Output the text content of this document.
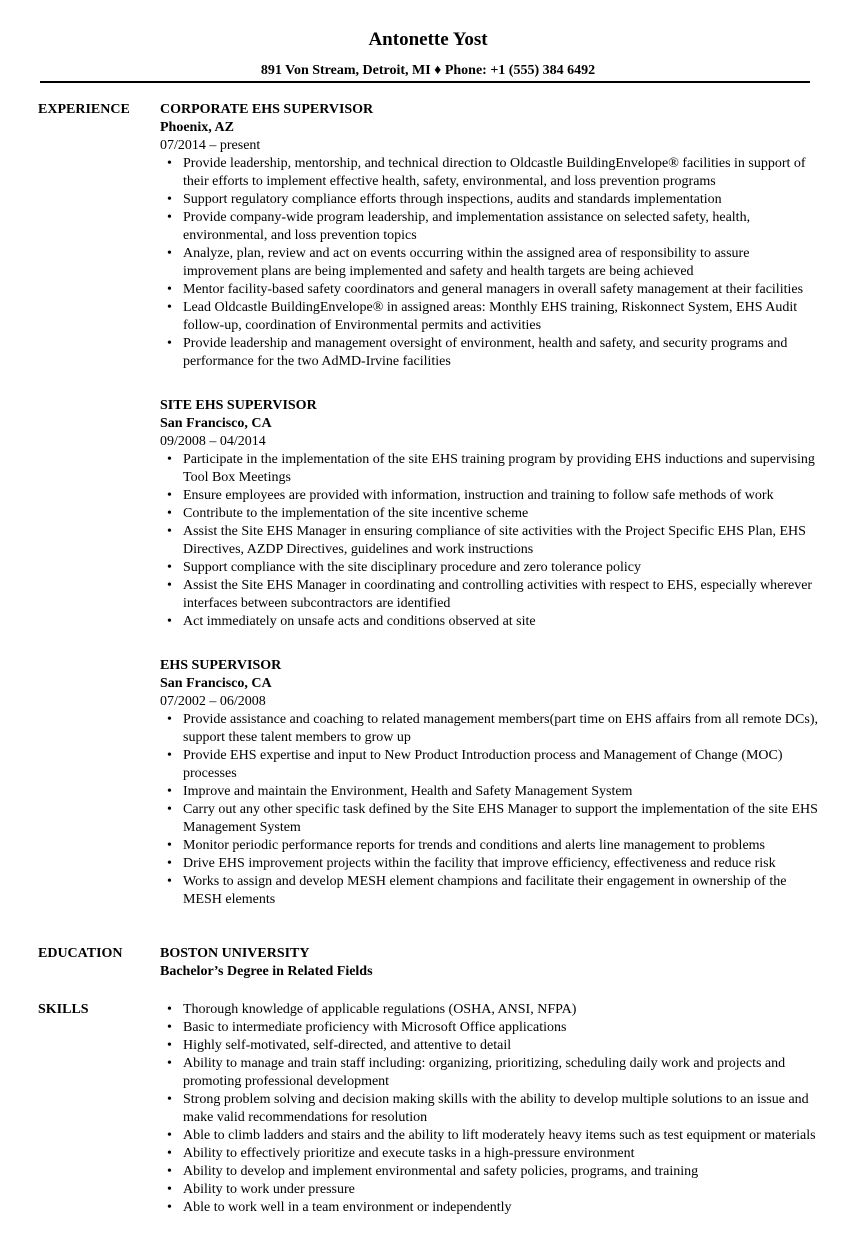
Antonette Yost
891 Von Stream, Detroit, MI ♦ Phone: +1 (555) 384 6492
EXPERIENCE CORPORATE EHS SUPERVISOR
Phoenix, AZ
07/2014 – present
• Provide leadership, mentorship, and technical direction to Oldcastle BuildingEnvelope® facilities in support of their efforts to implement effective health, safety, environmental, and loss prevention programs
• Support regulatory compliance efforts through inspections, audits and standards implementation
• Provide company-wide program leadership, and implementation assistance on selected safety, health, environmental, and loss prevention topics
• Analyze, plan, review and act on events occurring within the assigned area of responsibility to assure improvement plans are being implemented and safety and health targets are being achieved
• Mentor facility-based safety coordinators and general managers in overall safety management at their facilities
• Lead Oldcastle BuildingEnvelope® in assigned areas: Monthly EHS training, Riskonnect System, EHS Audit follow-up, coordination of Environmental permits and activities
• Provide leadership and management oversight of environment, health and safety, and security programs and performance for the two AdMD-Irvine facilities
SITE EHS SUPERVISOR
San Francisco, CA
09/2008 – 04/2014
• Participate in the implementation of the site EHS training program by providing EHS inductions and supervising Tool Box Meetings
• Ensure employees are provided with information, instruction and training to follow safe methods of work
• Contribute to the implementation of the site incentive scheme
• Assist the Site EHS Manager in ensuring compliance of site activities with the Project Specific EHS Plan, EHS Directives, AZDP Directives, guidelines and work instructions
• Support compliance with the site disciplinary procedure and zero tolerance policy
• Assist the Site EHS Manager in coordinating and controlling activities with respect to EHS, especially wherever interfaces between subcontractors are identified
• Act immediately on unsafe acts and conditions observed at site
EHS SUPERVISOR
San Francisco, CA
07/2002 – 06/2008
• Provide assistance and coaching to related management members(part time on EHS affairs from all remote DCs), support these talent members to grow up
• Provide EHS expertise and input to New Product Introduction process and Management of Change (MOC) processes
• Improve and maintain the Environment, Health and Safety Management System
• Carry out any other specific task defined by the Site EHS Manager to support the implementation of the site EHS Management System
• Monitor periodic performance reports for trends and conditions and alerts line management to problems
• Drive EHS improvement projects within the facility that improve efficiency, effectiveness and reduce risk
• Works to assign and develop MESH element champions and facilitate their engagement in ownership of the MESH elements
EDUCATION	BOSTON UNIVERSITY
Bachelor’s Degree in Related Fields
SKILLS
•	Thorough knowledge of applicable regulations (OSHA, ANSI, NFPA)
• Basic to intermediate proficiency with Microsoft Office applications
• Highly self-motivated, self-directed, and attentive to detail
• Ability to manage and train staff including: organizing, prioritizing, scheduling daily work and projects and promoting professional development
• Strong problem solving and decision making skills with the ability to develop multiple solutions to an issue and make valid recommendations for resolution
• Able to climb ladders and stairs and the ability to lift moderately heavy items such as test equipment or materials
• Ability to effectively prioritize and execute tasks in a high-pressure environment
• Ability to develop and implement environmental and safety policies, programs, and training
• Ability to work under pressure
• Able to work well in a team environment or independently
